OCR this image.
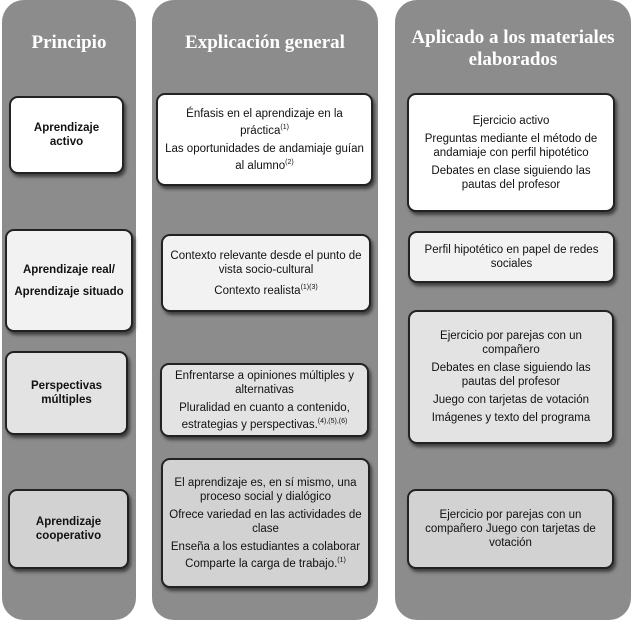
Principio	Explicación general	Aplicado a los materiales
elaborados
Aprendizaje activo
Énfasis en el aprendizaje en la práctica$^{(1)}$
Las oportunidades de andamiaje guían al alumno$^{(2)}$
Ejercicio activo
Preguntas mediante el método de andamiaje con perfil hipotético
Debates en clase siguiendo las pautas del profesor
Aprendizaje real/
Aprendizaje situado
Contexto relevante desde el punto de vista socio-cultural
Contexto realista$^{(1)(3)}$
Perfil hipotético en papel de redes sociales
Perspectivas
múltiples
Enfrentarse a opiniones múltiples y alternativas
Pluralidad en cuanto a contenido, estrategias y perspectivas.$^{(4),(5),(6)}$
Ejercicio por parejas con un compañero
Debates en clase siguiendo las pautas del profesor
Juego con tarjetas de votación
Imágenes y texto del programa
Aprendizaje
cooperativo
El aprendizaje es, en sí mismo, una proceso social y dialógico
Ofrece variedad en las actividades de clase
Enseña a los estudiantes a colaborar
Comparte la carga de trabajo.$^{(1)}$
Ejercicio por parejas con un compañero Juego con tarjetas de votación
